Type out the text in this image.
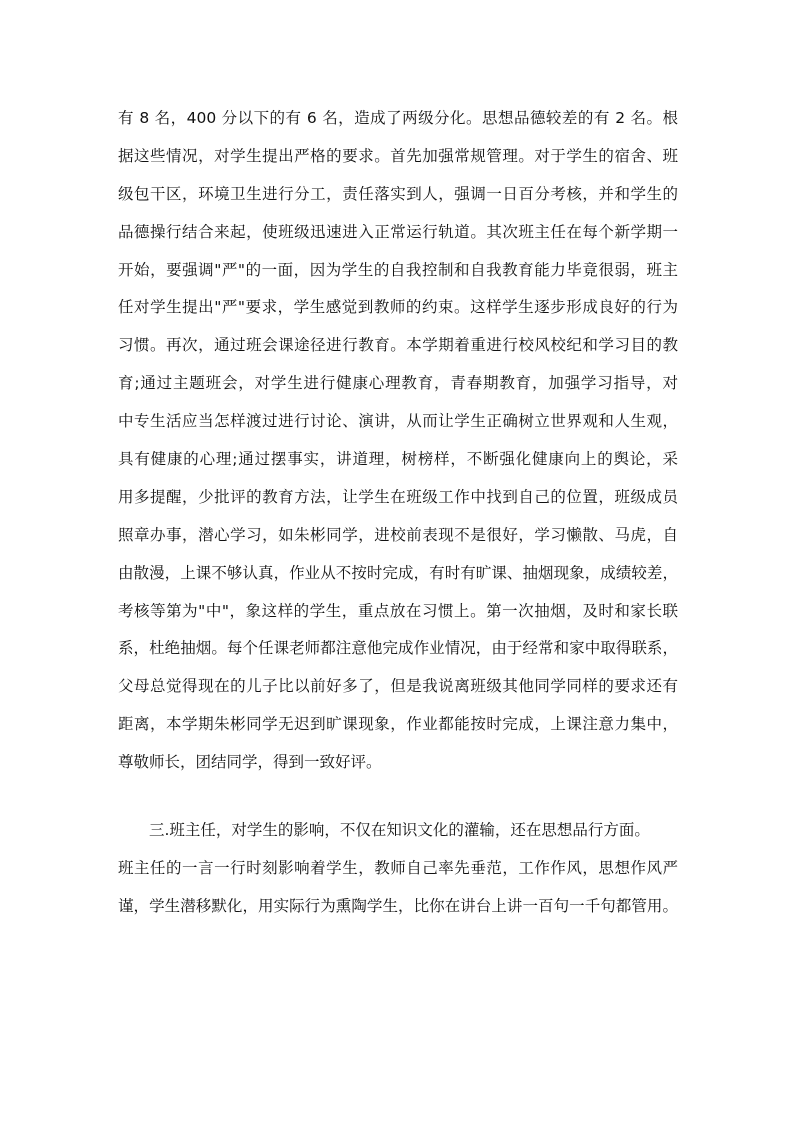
有 8 名，400 分以下的有 6 名，造成了两级分化。思想品德较差的有 2 名。根
据这些情况，对学生提出严格的要求。首先加强常规管理。对于学生的宿舍、班
级包干区，环境卫生进行分工，责任落实到人，强调一日百分考核，并和学生的
品德操行结合来起，使班级迅速进入正常运行轨道。其次班主任在每个新学期一
开始，要强调"严"的一面，因为学生的自我控制和自我教育能力毕竟很弱，班主
任对学生提出"严"要求，学生感觉到教师的约束。这样学生逐步形成良好的行为
习惯。再次，通过班会课途径进行教育。本学期着重进行校风校纪和学习目的教
育;通过主题班会，对学生进行健康心理教育，青春期教育，加强学习指导，对
中专生活应当怎样渡过进行讨论、演讲，从而让学生正确树立世界观和人生观，
具有健康的心理;通过摆事实，讲道理，树榜样，不断强化健康向上的舆论，采
用多提醒，少批评的教育方法，让学生在班级工作中找到自己的位置，班级成员
照章办事，潜心学习，如朱彬同学，进校前表现不是很好，学习懒散、马虎，自
由散漫，上课不够认真，作业从不按时完成，有时有旷课、抽烟现象，成绩较差，
考核等第为"中"，象这样的学生，重点放在习惯上。第一次抽烟，及时和家长联
系，杜绝抽烟。每个任课老师都注意他完成作业情况，由于经常和家中取得联系，
父母总觉得现在的儿子比以前好多了，但是我说离班级其他同学同样的要求还有
距离，本学期朱彬同学无迟到旷课现象，作业都能按时完成，上课注意力集中，
尊敬师长，团结同学，得到一致好评。
三.班主任，对学生的影响，不仅在知识文化的灌输，还在思想品行方面。
班主任的一言一行时刻影响着学生，教师自己率先垂范，工作作风，思想作风严
谨，学生潜移默化，用实际行为熏陶学生，比你在讲台上讲一百句一千句都管用。
